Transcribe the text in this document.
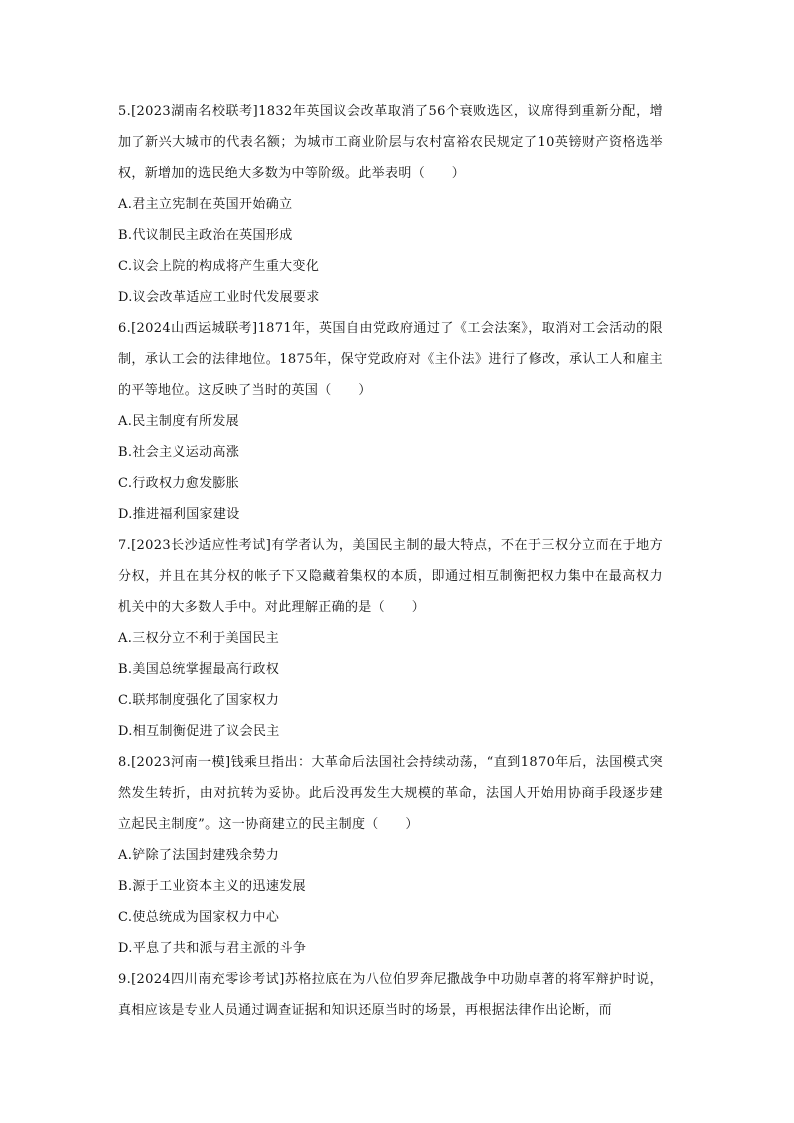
5.[2023湖南名校联考]1832年英国议会改革取消了56个衰败选区，议席得到重新分配，增加了新兴大城市的代表名额；为城市工商业阶层与农村富裕农民规定了10英镑财产资格选举权，新增加的选民绝大多数为中等阶级。此举表明（　　）

A.君主立宪制在英国开始确立

B.代议制民主政治在英国形成

C.议会上院的构成将产生重大变化

D.议会改革适应工业时代发展要求

6.[2024山西运城联考]1871年，英国自由党政府通过了《工会法案》，取消对工会活动的限制，承认工会的法律地位。1875年，保守党政府对《主仆法》进行了修改，承认工人和雇主的平等地位。这反映了当时的英国（　　）

A.民主制度有所发展

B.社会主义运动高涨

C.行政权力愈发膨胀

D.推进福利国家建设

7.[2023长沙适应性考试]有学者认为，美国民主制的最大特点，不在于三权分立而在于地方分权，并且在其分权的帐子下又隐藏着集权的本质，即通过相互制衡把权力集中在最高权力机关中的大多数人手中。对此理解正确的是（　　）

A.三权分立不利于美国民主

B.美国总统掌握最高行政权

C.联邦制度强化了国家权力

D.相互制衡促进了议会民主

8.[2023河南一模]钱乘旦指出：大革命后法国社会持续动荡，“直到1870年后，法国模式突然发生转折，由对抗转为妥协。此后没再发生大规模的革命，法国人开始用协商手段逐步建立起民主制度”。这一协商建立的民主制度（　　）

A.铲除了法国封建残余势力

B.源于工业资本主义的迅速发展

C.使总统成为国家权力中心

D.平息了共和派与君主派的斗争

9.[2024四川南充零诊考试]苏格拉底在为八位伯罗奔尼撒战争中功勋卓著的将军辩护时说，真相应该是专业人员通过调查证据和知识还原当时的场景，再根据法律作出论断，而
